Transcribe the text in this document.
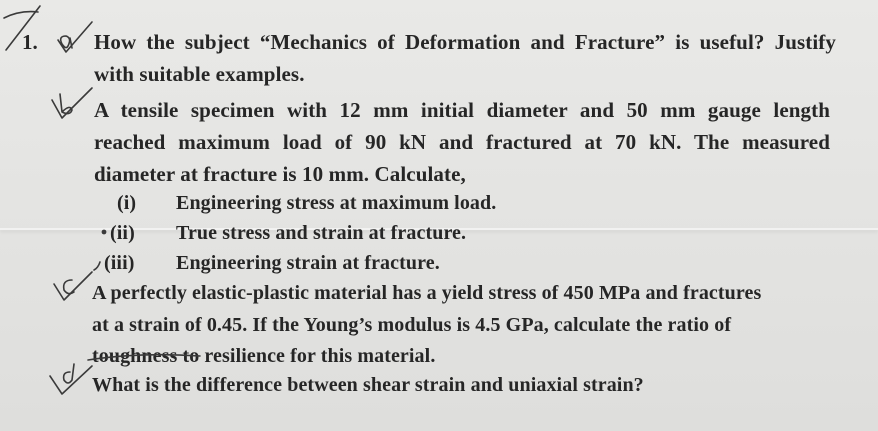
1.	How the subject “Mechanics of Deformation and Fracture” is useful? Justify
with suitable examples.
A tensile specimen with 12 mm initial diameter and 50 mm gauge length
reached maximum load of 90 kN and fractured at 70 kN. The measured
diameter at fracture is 10 mm. Calculate,
(i) Engineering stress at maximum load.
(ii) True stress and strain at fracture.
(iii) Engineering strain at fracture.
A perfectly elastic-plastic material has a yield stress of 450 MPa and fractures
at a strain of 0.45. If the Young’s modulus is 4.5 GPa, calculate the ratio of
toughness to resilience for this material.
What is the difference between shear strain and uniaxial strain?
